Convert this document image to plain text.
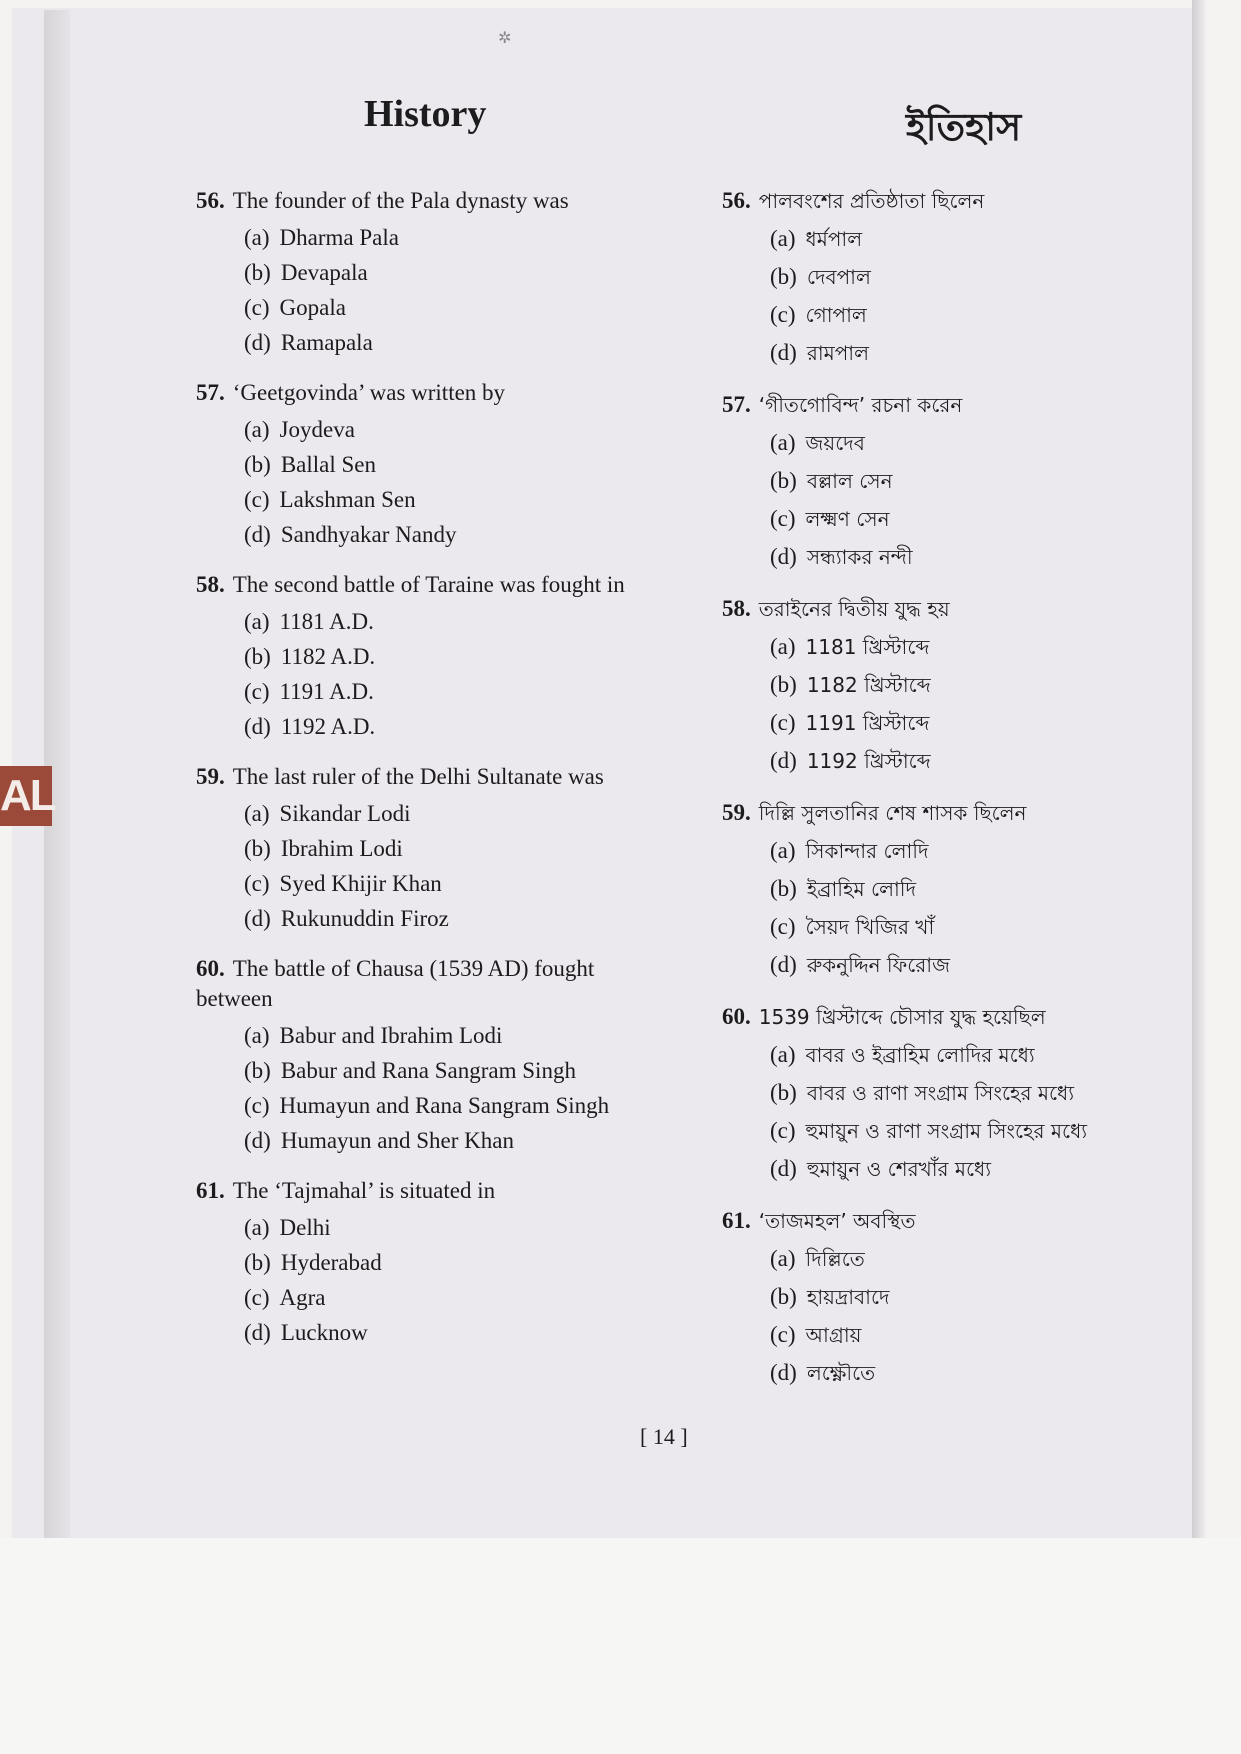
✲
AL
History	ইতিহাস
56. The founder of the Pala dynasty was
(a) Dharma Pala
(b) Devapala
(c) Gopala
(d) Ramapala
57. ‘Geetgovinda’ was written by
(a) Joydeva
(b) Ballal Sen
(c) Lakshman Sen
(d) Sandhyakar Nandy
58. The second battle of Taraine was fought in
(a) 1181 A.D.
(b) 1182 A.D.
(c) 1191 A.D.
(d) 1192 A.D.
59. The last ruler of the Delhi Sultanate was
(a) Sikandar Lodi
(b) Ibrahim Lodi
(c) Syed Khijir Khan
(d) Rukunuddin Firoz
60. The battle of Chausa (1539 AD) fought between
(a) Babur and Ibrahim Lodi
(b) Babur and Rana Sangram Singh
(c) Humayun and Rana Sangram Singh
(d) Humayun and Sher Khan
61. The ‘Tajmahal’ is situated in
(a) Delhi
(b) Hyderabad
(c) Agra
(d) Lucknow
56. পালবংশের প্রতিষ্ঠাতা ছিলেন
(a) ধর্মপাল
(b) দেবপাল
(c) গোপাল
(d) রামপাল
57. ‘গীতগোবিন্দ’ রচনা করেন
(a) জয়দেব
(b) বল্লাল সেন
(c) লক্ষ্মণ সেন
(d) সন্ধ্যাকর নন্দী
58. তরাইনের দ্বিতীয় যুদ্ধ হয়
(a) 1181 খ্রিস্টাব্দে
(b) 1182 খ্রিস্টাব্দে
(c) 1191 খ্রিস্টাব্দে
(d) 1192 খ্রিস্টাব্দে
59. দিল্লি সুলতানির শেষ শাসক ছিলেন
(a) সিকান্দার লোদি
(b) ইব্রাহিম লোদি
(c) সৈয়দ খিজির খাঁ
(d) রুকনুদ্দিন ফিরোজ
60. 1539 খ্রিস্টাব্দে চৌসার যুদ্ধ হয়েছিল
(a) বাবর ও ইব্রাহিম লোদির মধ্যে
(b) বাবর ও রাণা সংগ্রাম সিংহের মধ্যে
(c) হুমায়ুন ও রাণা সংগ্রাম সিংহের মধ্যে
(d) হুমায়ুন ও শেরখাঁর মধ্যে
61. ‘তাজমহল’ অবস্থিত
(a) দিল্লিতে
(b) হায়দ্রাবাদে
(c) আগ্রায়
(d) লক্ষ্ণৌতে
[ 14 ]
